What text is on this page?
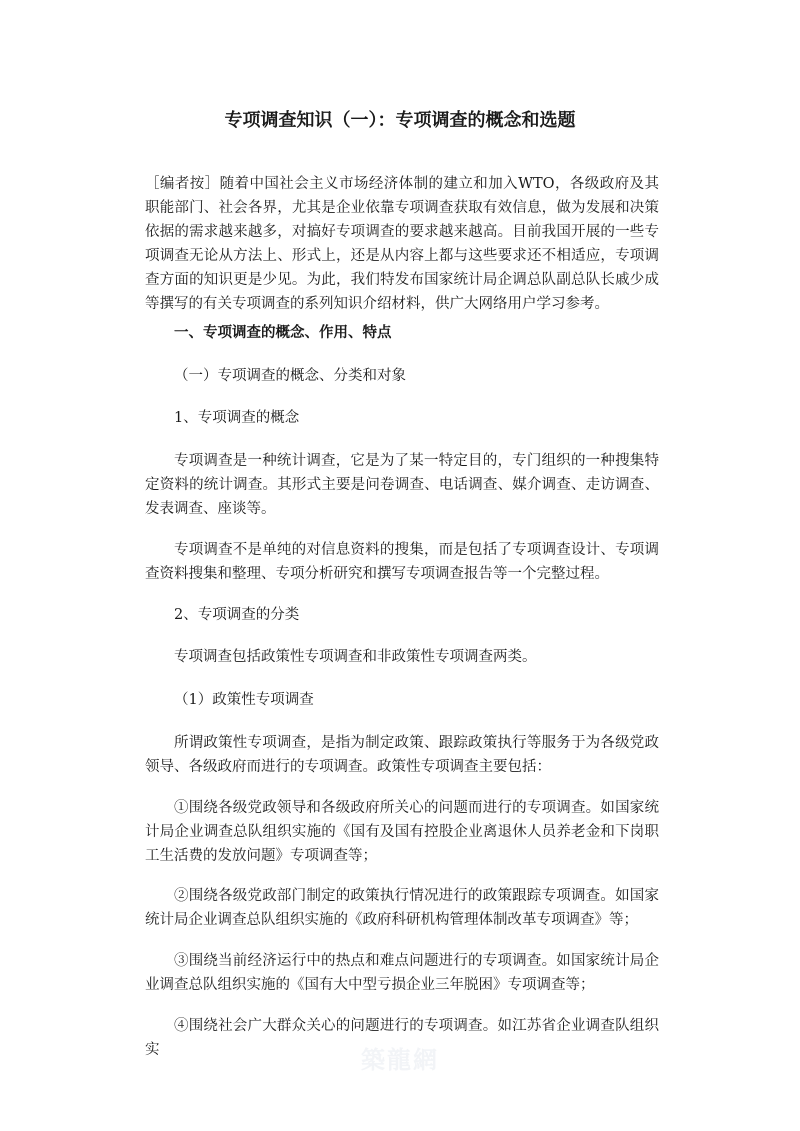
专项调查知识（一）：专项调查的概念和选题

［编者按］随着中国社会主义市场经济体制的建立和加入WTO，各级政府及其职能部门、社会各界，尤其是企业依靠专项调查获取有效信息，做为发展和决策依据的需求越来越多，对搞好专项调查的要求越来越高。目前我国开展的一些专项调查无论从方法上、形式上，还是从内容上都与这些要求还不相适应，专项调查方面的知识更是少见。为此，我们特发布国家统计局企调总队副总队长戚少成等撰写的有关专项调查的系列知识介绍材料，供广大网络用户学习参考。

一、专项调查的概念、作用、特点

（一）专项调查的概念、分类和对象

1、专项调查的概念

专项调查是一种统计调查，它是为了某一特定目的，专门组织的一种搜集特定资料的统计调查。其形式主要是问卷调查、电话调查、媒介调查、走访调查、发表调查、座谈等。

专项调查不是单纯的对信息资料的搜集，而是包括了专项调查设计、专项调查资料搜集和整理、专项分析研究和撰写专项调查报告等一个完整过程。

2、专项调查的分类

专项调查包括政策性专项调查和非政策性专项调查两类。

（1）政策性专项调查

所谓政策性专项调查，是指为制定政策、跟踪政策执行等服务于为各级党政领导、各级政府而进行的专项调查。政策性专项调查主要包括：

①围绕各级党政领导和各级政府所关心的问题而进行的专项调查。如国家统计局企业调查总队组织实施的《国有及国有控股企业离退休人员养老金和下岗职工生活费的发放问题》专项调查等；

②围绕各级党政部门制定的政策执行情况进行的政策跟踪专项调查。如国家统计局企业调查总队组织实施的《政府科研机构管理体制改革专项调查》等；

③围绕当前经济运行中的热点和难点问题进行的专项调查。如国家统计局企业调查总队组织实施的《国有大中型亏损企业三年脱困》专项调查等；

④围绕社会广大群众关心的问题进行的专项调查。如江苏省企业调查队组织实	築龍網
